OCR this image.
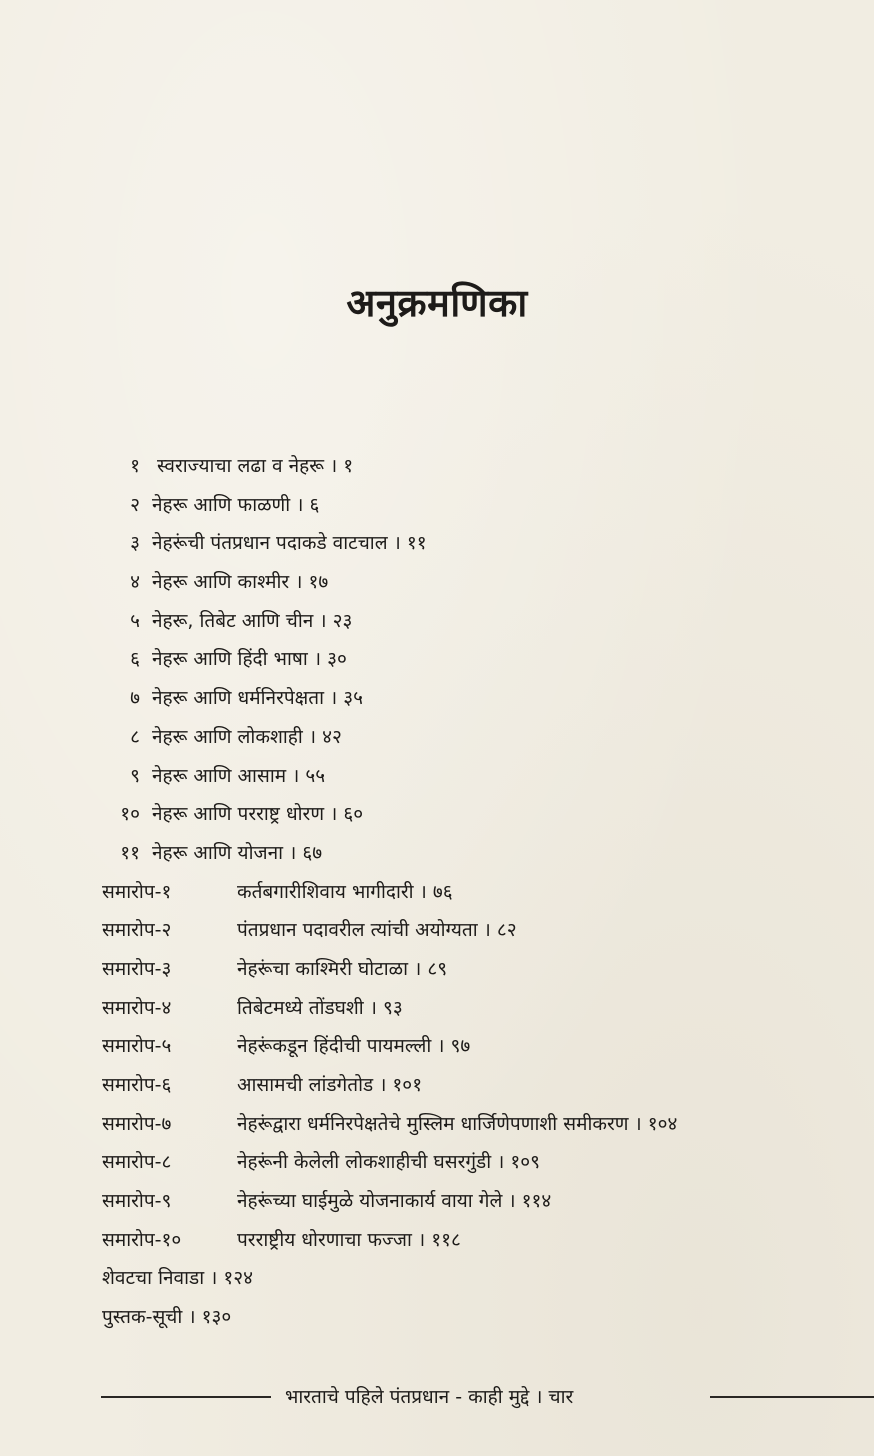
अनुक्रमणिका
१ स्वराज्याचा लढा व नेहरू । १
२ नेहरू आणि फाळणी । ६
३ नेहरूंची पंतप्रधान पदाकडे वाटचाल । ११
४ नेहरू आणि काश्मीर । १७
५ नेहरू, तिबेट आणि चीन । २३
६ नेहरू आणि हिंदी भाषा । ३०
७ नेहरू आणि धर्मनिरपेक्षता । ३५
८ नेहरू आणि लोकशाही । ४२
९ नेहरू आणि आसाम । ५५
१० नेहरू आणि परराष्ट्र धोरण । ६०
११ नेहरू आणि योजना । ६७
समारोप-१	कर्तबगारीशिवाय भागीदारी । ७६
समारोप-२	पंतप्रधान पदावरील त्यांची अयोग्यता । ८२
समारोप-३	नेहरूंचा काश्मिरी घोटाळा । ८९
समारोप-४	तिबेटमध्ये तोंडघशी । ९३
समारोप-५	नेहरूंकडून हिंदीची पायमल्ली । ९७
समारोप-६	आसामची लांडगेतोड । १०१
समारोप-७	नेहरूंद्वारा धर्मनिरपेक्षतेचे मुस्लिम धार्जिणेपणाशी समीकरण । १०४
समारोप-८	नेहरूंनी केलेली लोकशाहीची घसरगुंडी । १०९
समारोप-९	नेहरूंच्या घाईमुळे योजनाकार्य वाया गेले । ११४
समारोप-१०	परराष्ट्रीय धोरणाचा फज्जा । ११८
शेवटचा निवाडा । १२४
पुस्तक-सूची । १३०
भारताचे पहिले पंतप्रधान - काही मुद्दे । चार
